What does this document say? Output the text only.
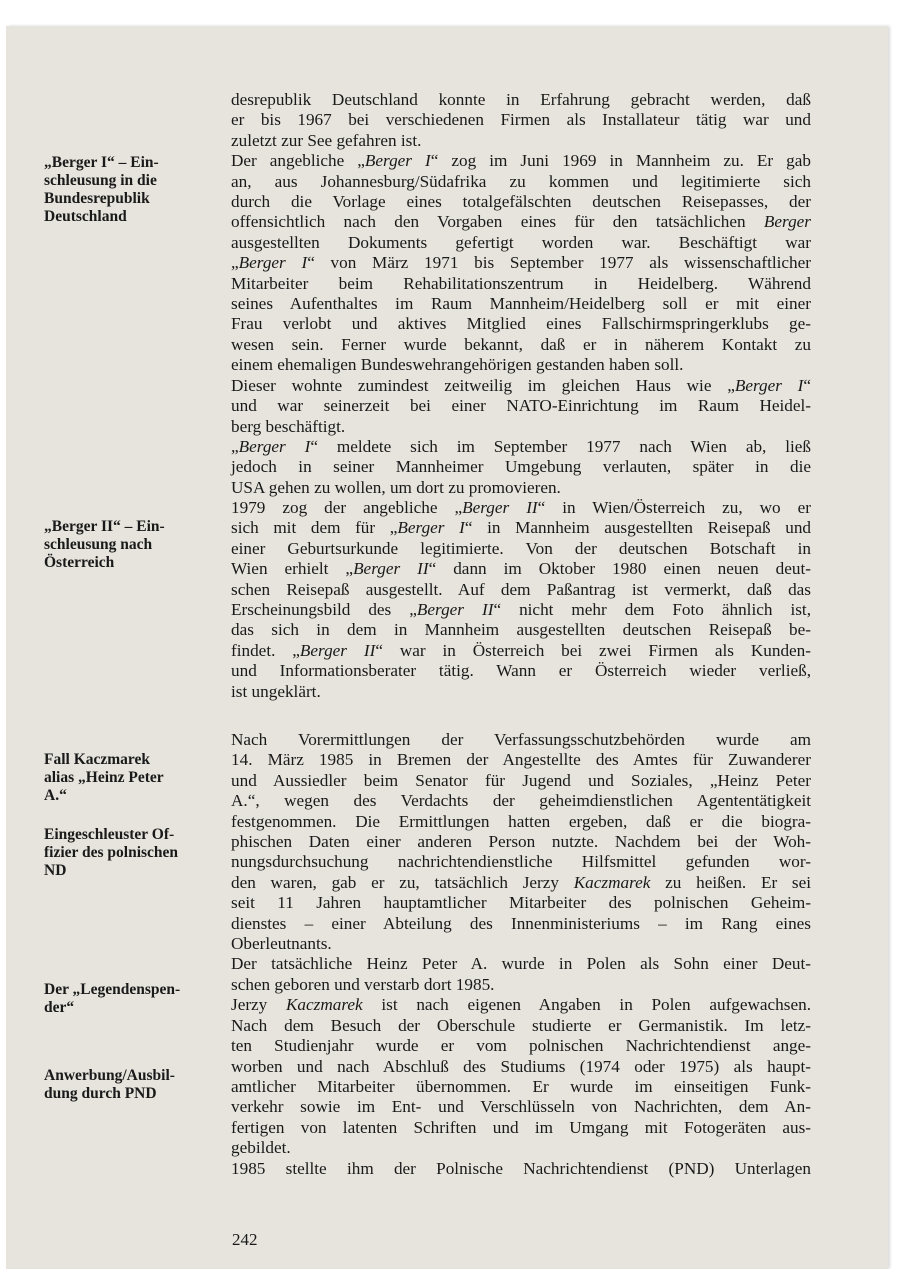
„Berger I“ – Ein-
schleusung in die
Bundesrepublik
Deutschland
„Berger II“ – Ein-
schleusung nach
Österreich
Fall Kaczmarek
alias „Heinz Peter
A.“
Eingeschleuster Of-
fizier des polnischen
ND
Der „Legendenspen-
der“
Anwerbung/Ausbil-
dung durch PND
desrepublik Deutschland konnte in Erfahrung gebracht werden, daß
er bis 1967 bei verschiedenen Firmen als Installateur tätig war und
zuletzt zur See gefahren ist.
Der angebliche „Berger I“ zog im Juni 1969 in Mannheim zu. Er gab
an, aus Johannesburg/Südafrika zu kommen und legitimierte sich
durch die Vorlage eines totalgefälschten deutschen Reisepasses, der
offensichtlich nach den Vorgaben eines für den tatsächlichen Berger
ausgestellten Dokuments gefertigt worden war. Beschäftigt war
„Berger I“ von März 1971 bis September 1977 als wissenschaftlicher
Mitarbeiter beim Rehabilitationszentrum in Heidelberg. Während
seines Aufenthaltes im Raum Mannheim/Heidelberg soll er mit einer
Frau verlobt und aktives Mitglied eines Fallschirmspringerklubs ge-
wesen sein. Ferner wurde bekannt, daß er in näherem Kontakt zu
einem ehemaligen Bundeswehrangehörigen gestanden haben soll.
Dieser wohnte zumindest zeitweilig im gleichen Haus wie „Berger I“
und war seinerzeit bei einer NATO-Einrichtung im Raum Heidel-
berg beschäftigt.
„Berger I“ meldete sich im September 1977 nach Wien ab, ließ
jedoch in seiner Mannheimer Umgebung verlauten, später in die
USA gehen zu wollen, um dort zu promovieren.
1979 zog der angebliche „Berger II“ in Wien/Österreich zu, wo er
sich mit dem für „Berger I“ in Mannheim ausgestellten Reisepaß und
einer Geburtsurkunde legitimierte. Von der deutschen Botschaft in
Wien erhielt „Berger II“ dann im Oktober 1980 einen neuen deut-
schen Reisepaß ausgestellt. Auf dem Paßantrag ist vermerkt, daß das
Erscheinungsbild des „Berger II“ nicht mehr dem Foto ähnlich ist,
das sich in dem in Mannheim ausgestellten deutschen Reisepaß be-
findet. „Berger II“ war in Österreich bei zwei Firmen als Kunden-
und Informationsberater tätig. Wann er Österreich wieder verließ,
ist ungeklärt.
Nach Vorermittlungen der Verfassungsschutzbehörden wurde am
14. März 1985 in Bremen der Angestellte des Amtes für Zuwanderer
und Aussiedler beim Senator für Jugend und Soziales, „Heinz Peter
A.“, wegen des Verdachts der geheimdienstlichen Agententätigkeit
festgenommen. Die Ermittlungen hatten ergeben, daß er die biogra-
phischen Daten einer anderen Person nutzte. Nachdem bei der Woh-
nungsdurchsuchung nachrichtendienstliche Hilfsmittel gefunden wor-
den waren, gab er zu, tatsächlich Jerzy Kaczmarek zu heißen. Er sei
seit 11 Jahren hauptamtlicher Mitarbeiter des polnischen Geheim-
dienstes – einer Abteilung des Innenministeriums – im Rang eines
Oberleutnants.
Der tatsächliche Heinz Peter A. wurde in Polen als Sohn einer Deut-
schen geboren und verstarb dort 1985.
Jerzy Kaczmarek ist nach eigenen Angaben in Polen aufgewachsen.
Nach dem Besuch der Oberschule studierte er Germanistik. Im letz-
ten Studienjahr wurde er vom polnischen Nachrichtendienst ange-
worben und nach Abschluß des Studiums (1974 oder 1975) als haupt-
amtlicher Mitarbeiter übernommen. Er wurde im einseitigen Funk-
verkehr sowie im Ent- und Verschlüsseln von Nachrichten, dem An-
fertigen von latenten Schriften und im Umgang mit Fotogeräten aus-
gebildet.
1985 stellte ihm der Polnische Nachrichtendienst (PND) Unterlagen
242
